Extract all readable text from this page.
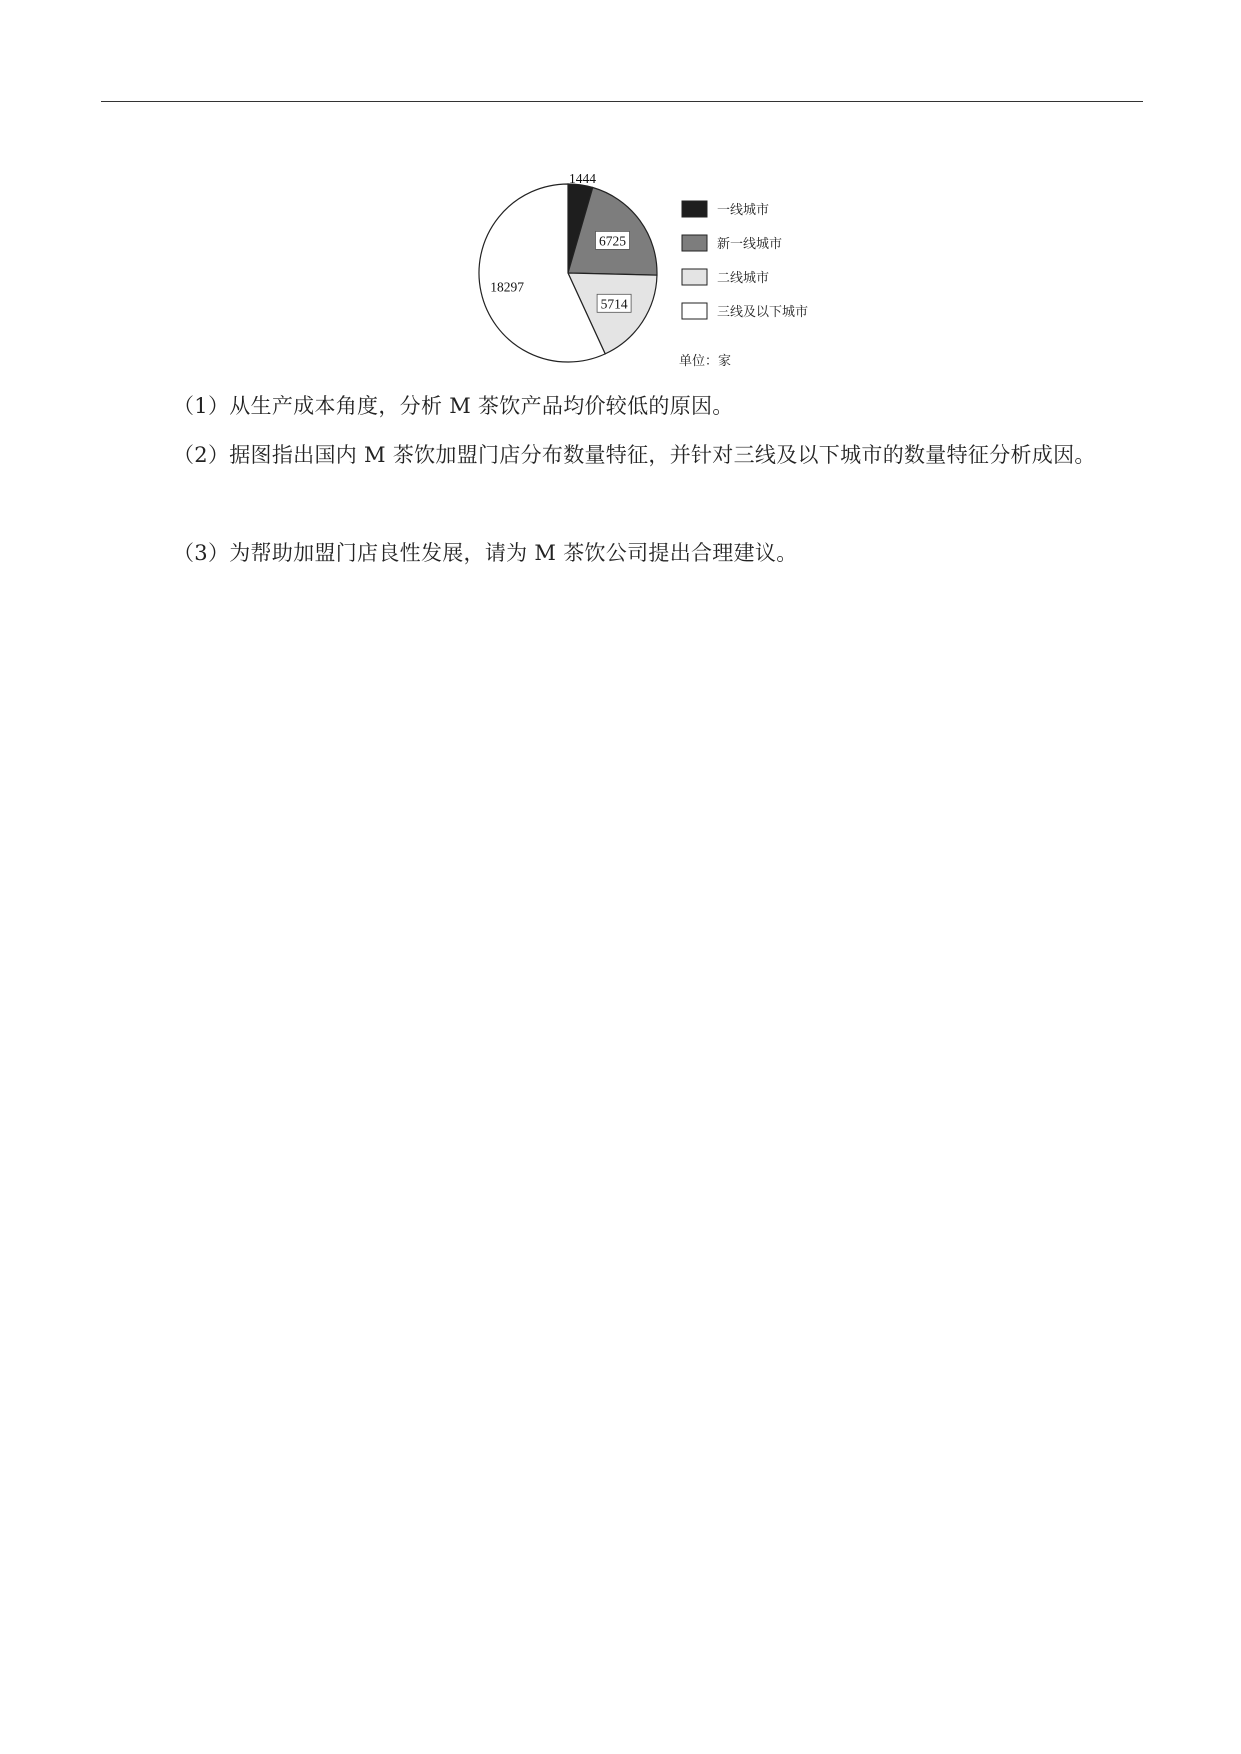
1444
6725
5714
18297
一线城市
新一线城市
二线城市
三线及以下城市
单位：家
（1）从生产成本角度，分析 M 茶饮产品均价较低的原因。
（2）据图指出国内 M 茶饮加盟门店分布数量特征，并针对三线及以下城市的数量特征分析成因。
（3）为帮助加盟门店良性发展，请为 M 茶饮公司提出合理建议。
